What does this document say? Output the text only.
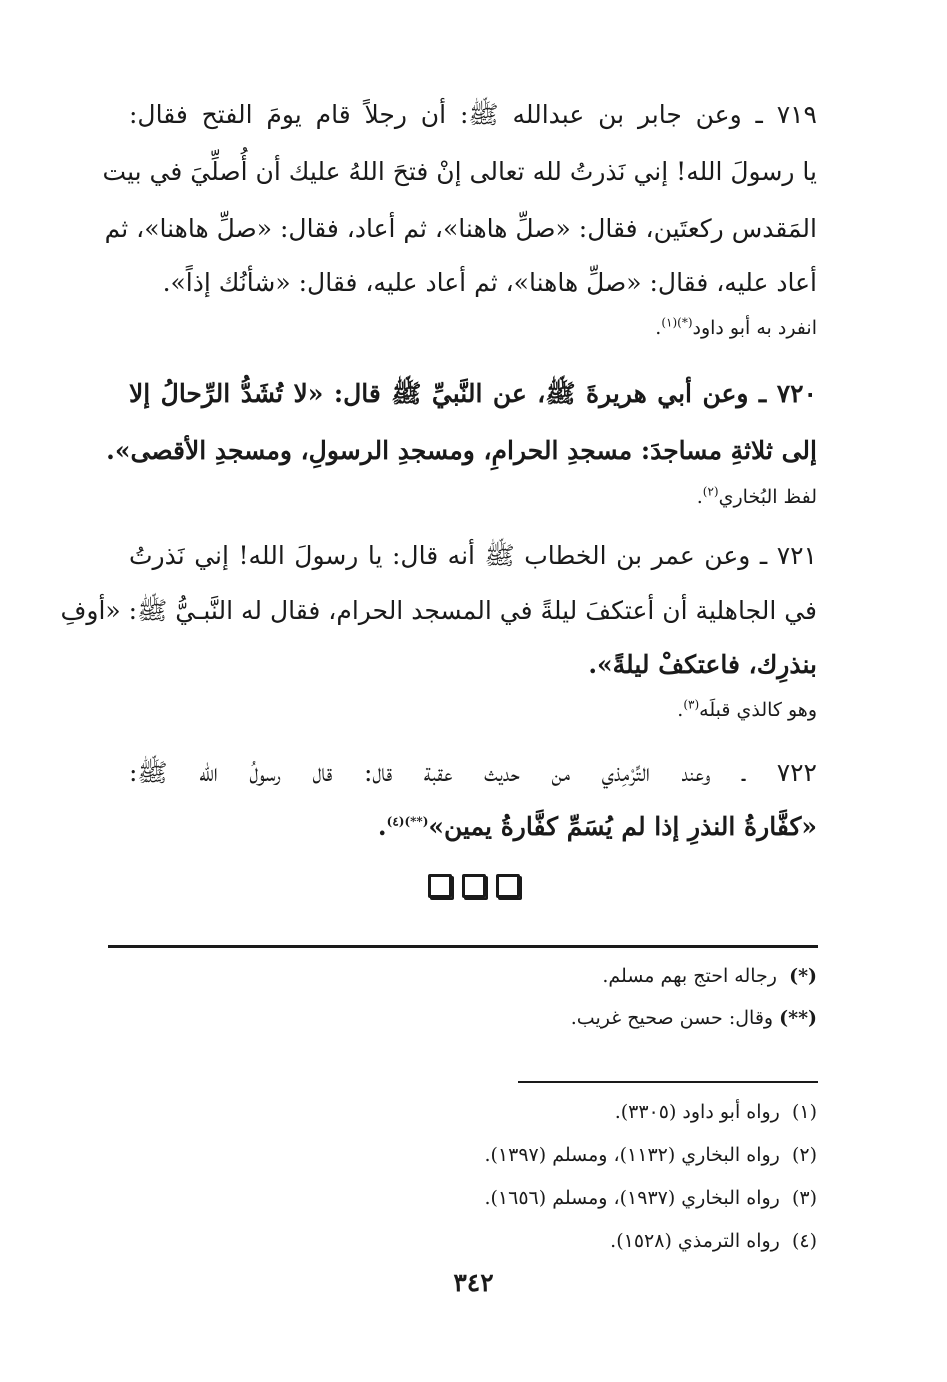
٧١٩ ـ وعن جابر بن عبدالله ﷺ: أن رجلاً قام يومَ الفتح فقال:
يا رسولَ الله! إني نَذرتُ لله تعالى إنْ فتحَ اللهُ عليك أن أُصلِّيَ في بيت
المَقدس ركعتَين، فقال: «صلِّ هاهنا»، ثم أعاد، فقال: «صلِّ هاهنا»، ثم
أعاد عليه، فقال: «صلِّ هاهنا»، ثم أعاد عليه، فقال: «شأنُك إذاً».
انفرد به أبو داود$^{(*)(١)}$.
٧٢٠ ـ وعن أبي هريرةَ ﷺ، عن النَّبيِّ ﷺ قال: «لا تُشَدُّ الرِّحالُ إلا
إلى ثلاثةِ مساجدَ: مسجدِ الحرامِ، ومسجدِ الرسولِ، ومسجدِ الأقصى».
لفظ البُخاري$^{(٢)}$.
٧٢١ ـ وعن عمر بن الخطاب ﷺ أنه قال: يا رسولَ الله! إني نَذرتُ
في الجاهلية أن أعتكفَ ليلةً في المسجد الحرام، فقال له النَّبـيُّ ﷺ: «أوفِ
بنذرِك، فاعتكفْ ليلةً».
وهو كالذي قبلَه$^{(٣)}$.
٧٢٢ ـ وعند التِّرْمِذي من حديث عقبة قال: قال رسولُ الله ﷺ:
«كفَّارةُ النذرِ إذا لم يُسَمِّ كفَّارةُ يمين»$^{(**)(٤)}$.
(*)  رجاله احتج بهم مسلم.
(**) وقال: حسن صحيح غريب.
(١)  رواه أبو داود (٣٣٠٥).
(٢)  رواه البخاري (١١٣٢)، ومسلم (١٣٩٧).
(٣)  رواه البخاري (١٩٣٧)، ومسلم (١٦٥٦).
(٤)  رواه الترمذي (١٥٢٨).
٣٤٢
